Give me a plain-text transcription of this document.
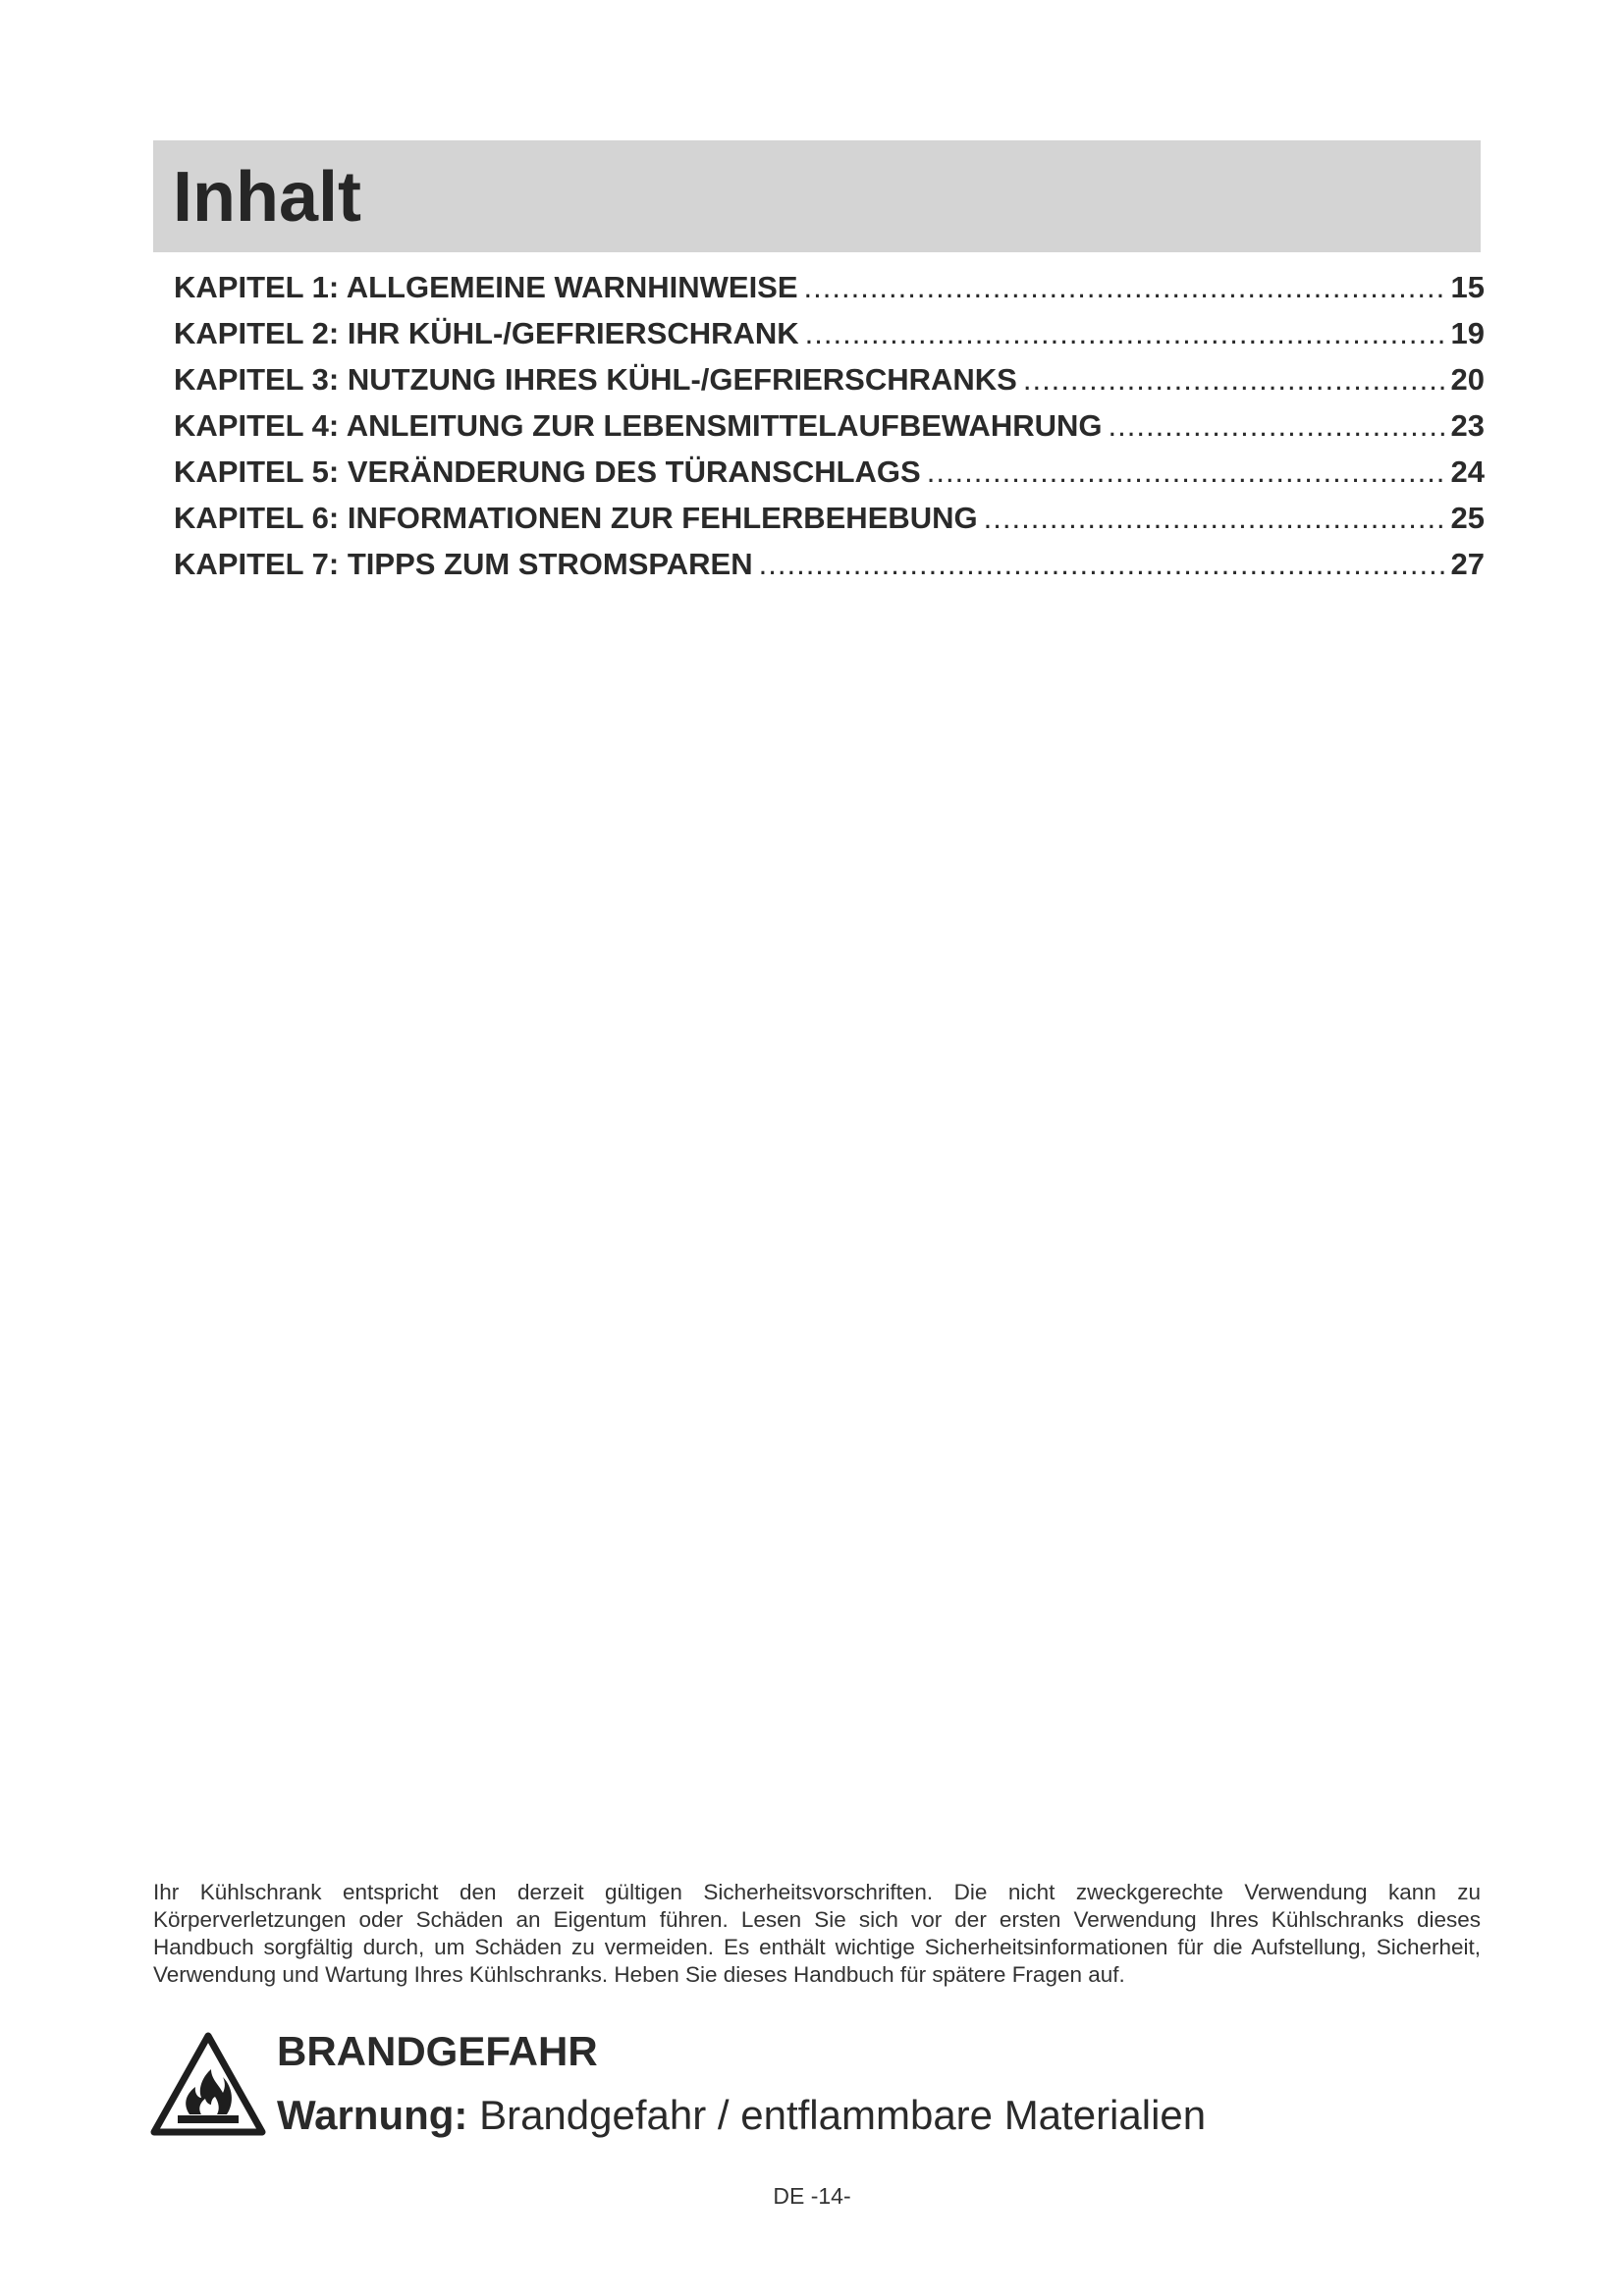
Inhalt
KAPITEL 1: ALLGEMEINE WARNHINWEISE .....	15
KAPITEL 2: IHR KÜHL-/GEFRIERSCHRANK .....	19
KAPITEL 3: NUTZUNG IHRES KÜHL-/GEFRIERSCHRANKS .....	20
KAPITEL 4: ANLEITUNG ZUR LEBENSMITTELAUFBEWAHRUNG .....	23
KAPITEL 5: VERÄNDERUNG DES TÜRANSCHLAGS .....	24
KAPITEL 6: INFORMATIONEN ZUR FEHLERBEHEBUNG .....	25
KAPITEL 7: TIPPS ZUM STROMSPAREN .....	27

Ihr Kühlschrank entspricht den derzeit gültigen Sicherheitsvorschriften. Die nicht zweckgerechte Verwendung kann zu Körperverletzungen oder Schäden an Eigentum führen. Lesen Sie sich vor der ersten Verwendung Ihres Kühlschranks dieses Handbuch sorgfältig durch, um Schäden zu vermeiden. Es enthält wichtige Sicherheitsinformationen für die Aufstellung, Sicherheit, Verwendung und Wartung Ihres Kühlschranks. Heben Sie dieses Handbuch für spätere Fragen auf.

BRANDGEFAHR

Warnung: Brandgefahr / entflammbare Materialien

DE -14-
